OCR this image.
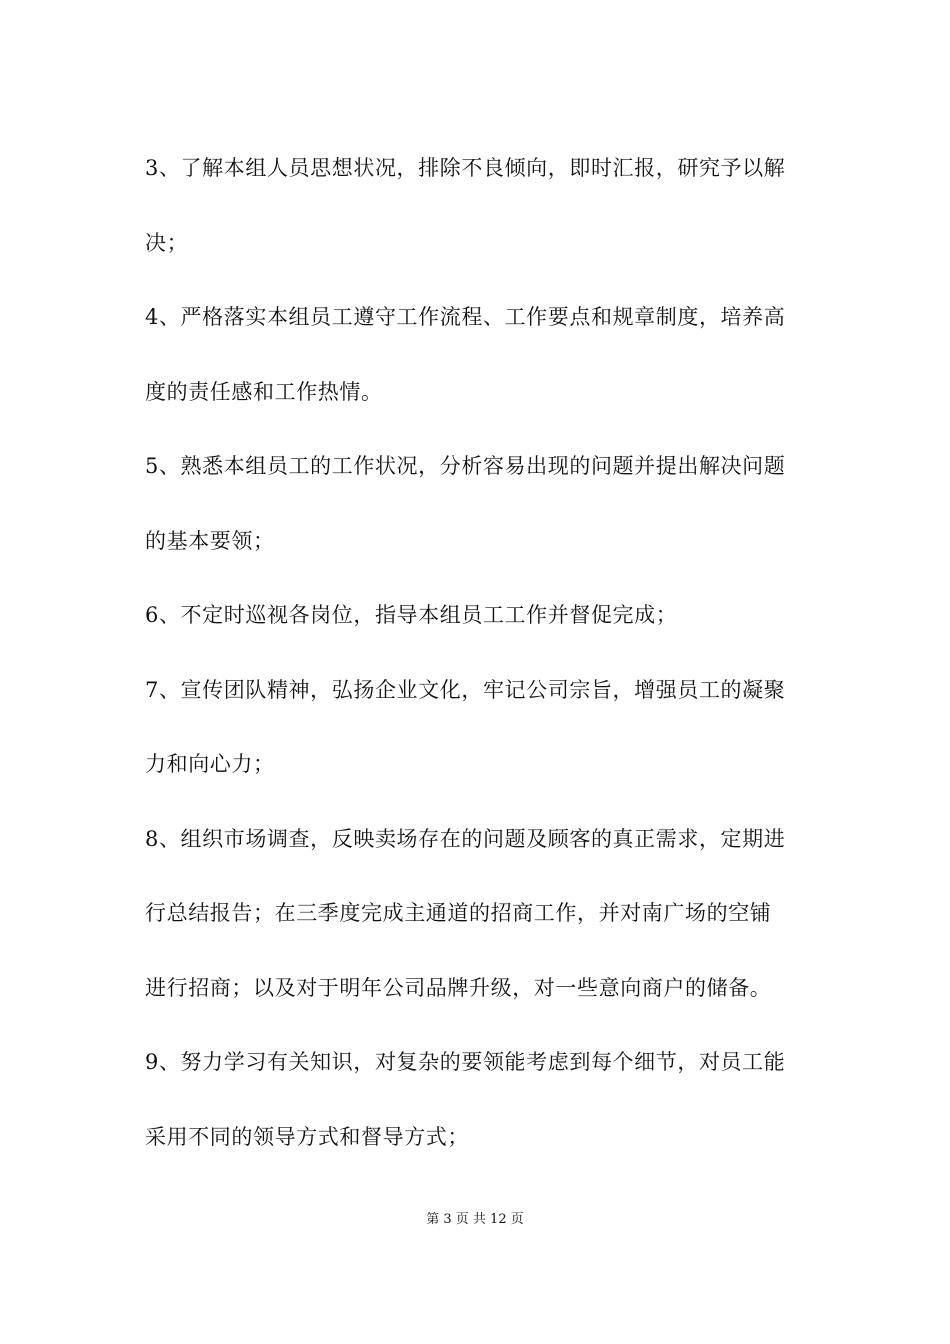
3、了解本组人员思想状况，排除不良倾向，即时汇报，研究予以解
决；
4、严格落实本组员工遵守工作流程、工作要点和规章制度，培养高
度的责任感和工作热情。
5、熟悉本组员工的工作状况，分析容易出现的问题并提出解决问题
的基本要领；
6、不定时巡视各岗位，指导本组员工工作并督促完成；
7、宣传团队精神，弘扬企业文化，牢记公司宗旨，增强员工的凝聚
力和向心力；
8、组织市场调查，反映卖场存在的问题及顾客的真正需求，定期进
行总结报告；在三季度完成主通道的招商工作，并对南广场的空铺
进行招商；以及对于明年公司品牌升级，对一些意向商户的储备。
9、努力学习有关知识，对复杂的要领能考虑到每个细节，对员工能
采用不同的领导方式和督导方式；
第 3 页 共 12 页
